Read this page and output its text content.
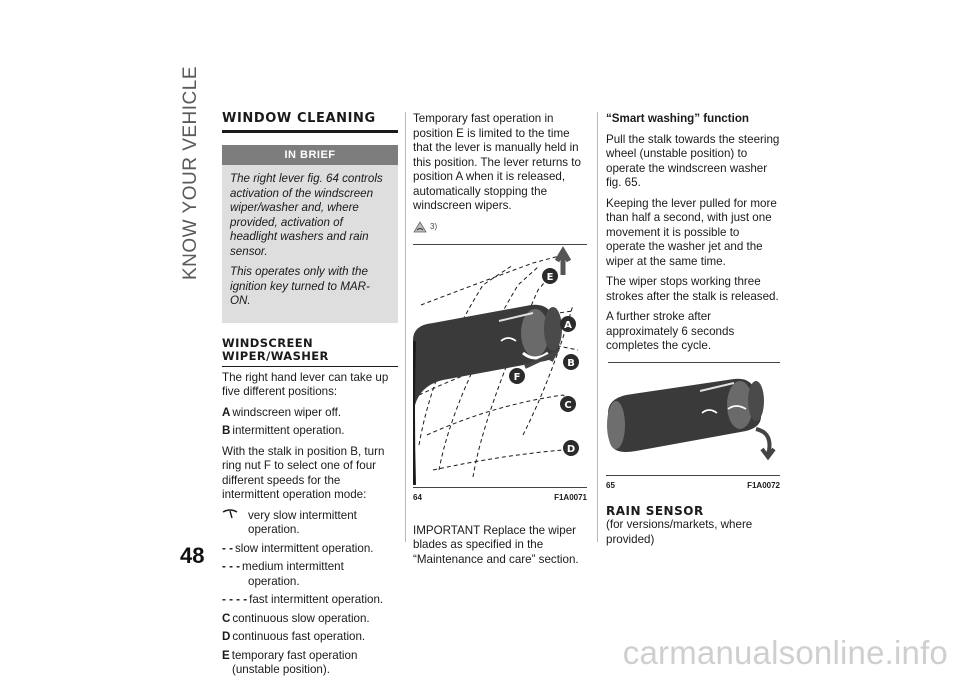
KNOW YOUR VEHICLE
48
WINDOW CLEANING
IN BRIEF

The right lever fig. 64 controls activation of the windscreen wiper/washer and, where provided, activation of headlight washers and rain sensor.

This operates only with the ignition key turned to MAR-ON.

WINDSCREEN WIPER/WASHER

The right hand lever can take up five different positions:

A windscreen wiper off.
B intermittent operation.

With the stalk in position B, turn ring nut F to select one of four different speeds for the intermittent operation mode:

very slow intermittent operation.
- - slow intermittent operation.
- - - medium intermittent operation.
- - - - fast intermittent operation.
C continuous slow operation.
D continuous fast operation.
E temporary fast operation (unstable position).

Temporary fast operation in position E is limited to the time that the lever is manually held in this position. The lever returns to position A when it is released, automatically stopping the windscreen wipers.

3)
E
A
B
F
C
D
64	F1A0071

IMPORTANT Replace the wiper blades as specified in the “Maintenance and care” section.

“Smart washing” function

Pull the stalk towards the steering wheel (unstable position) to operate the windscreen washer fig. 65.

Keeping the lever pulled for more than half a second, with just one movement it is possible to operate the washer jet and the wiper at the same time.

The wiper stops working three strokes after the stalk is released.

A further stroke after approximately 6 seconds completes the cycle.

65	F1A0072
RAIN SENSOR

(for versions/markets, where provided)

carmanualsonline.info
